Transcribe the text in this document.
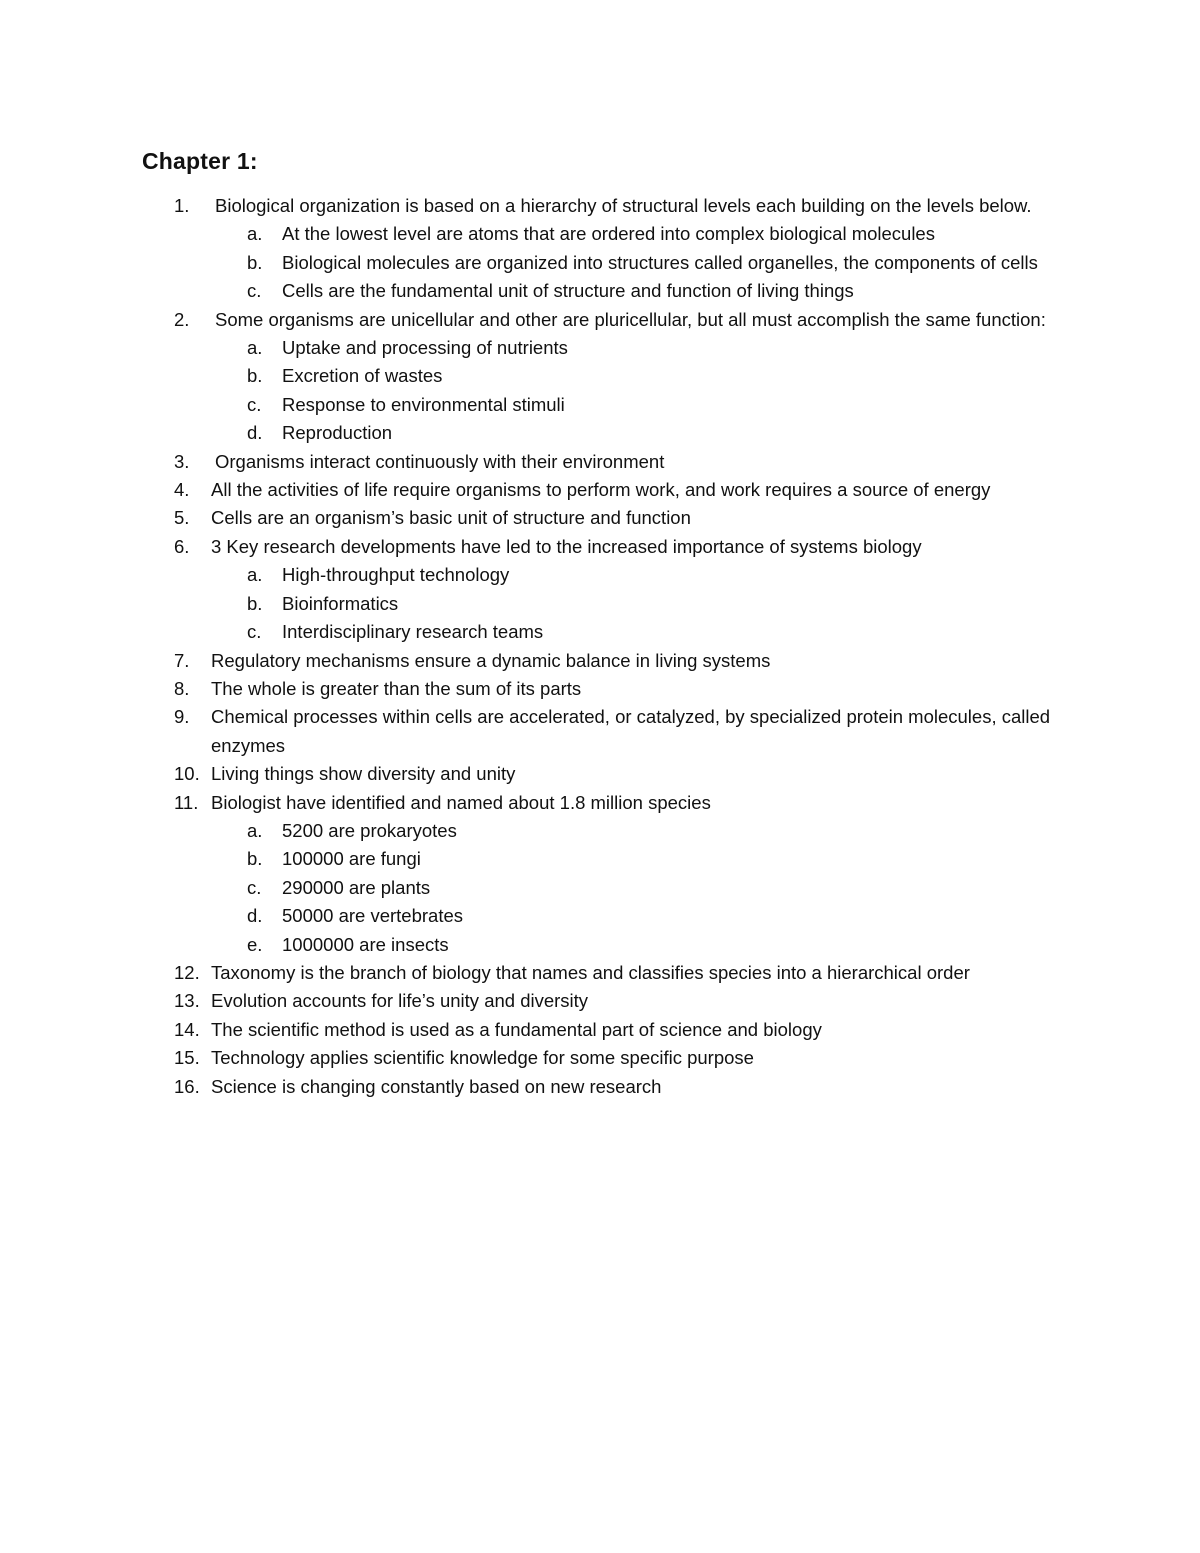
Chapter 1:
1.	Biological organization is based on a hierarchy of structural levels each building on the levels below.
a. At the lowest level are atoms that are ordered into complex biological molecules
b. Biological molecules are organized into structures called organelles, the components of cells
c. Cells are the fundamental unit of structure and function of living things
2.	Some organisms are unicellular and other are pluricellular, but all must accomplish the same function:
a. Uptake and processing of nutrients
b. Excretion of wastes
c. Response to environmental stimuli
d. Reproduction
3.	Organisms interact continuously with their environment
4.	All the activities of life require organisms to perform work, and work requires a source of energy
5.	Cells are an organism’s basic unit of structure and function
6.	3 Key research developments have led to the increased importance of systems biology
a. High-throughput technology
b. Bioinformatics
c. Interdisciplinary research teams
7.	Regulatory mechanisms ensure a dynamic balance in living systems
8.	The whole is greater than the sum of its parts
9.	Chemical processes within cells are accelerated, or catalyzed, by specialized protein molecules, called enzymes
10. Living things show diversity and unity
11. Biologist have identified and named about 1.8 million species
a. 5200 are prokaryotes
b. 100000 are fungi
c. 290000 are plants
d. 50000 are vertebrates
e. 1000000 are insects
12. Taxonomy is the branch of biology that names and classifies species into a hierarchical order
13. Evolution accounts for life’s unity and diversity
14. The scientific method is used as a fundamental part of science and biology
15. Technology applies scientific knowledge for some specific purpose
16. Science is changing constantly based on new research
